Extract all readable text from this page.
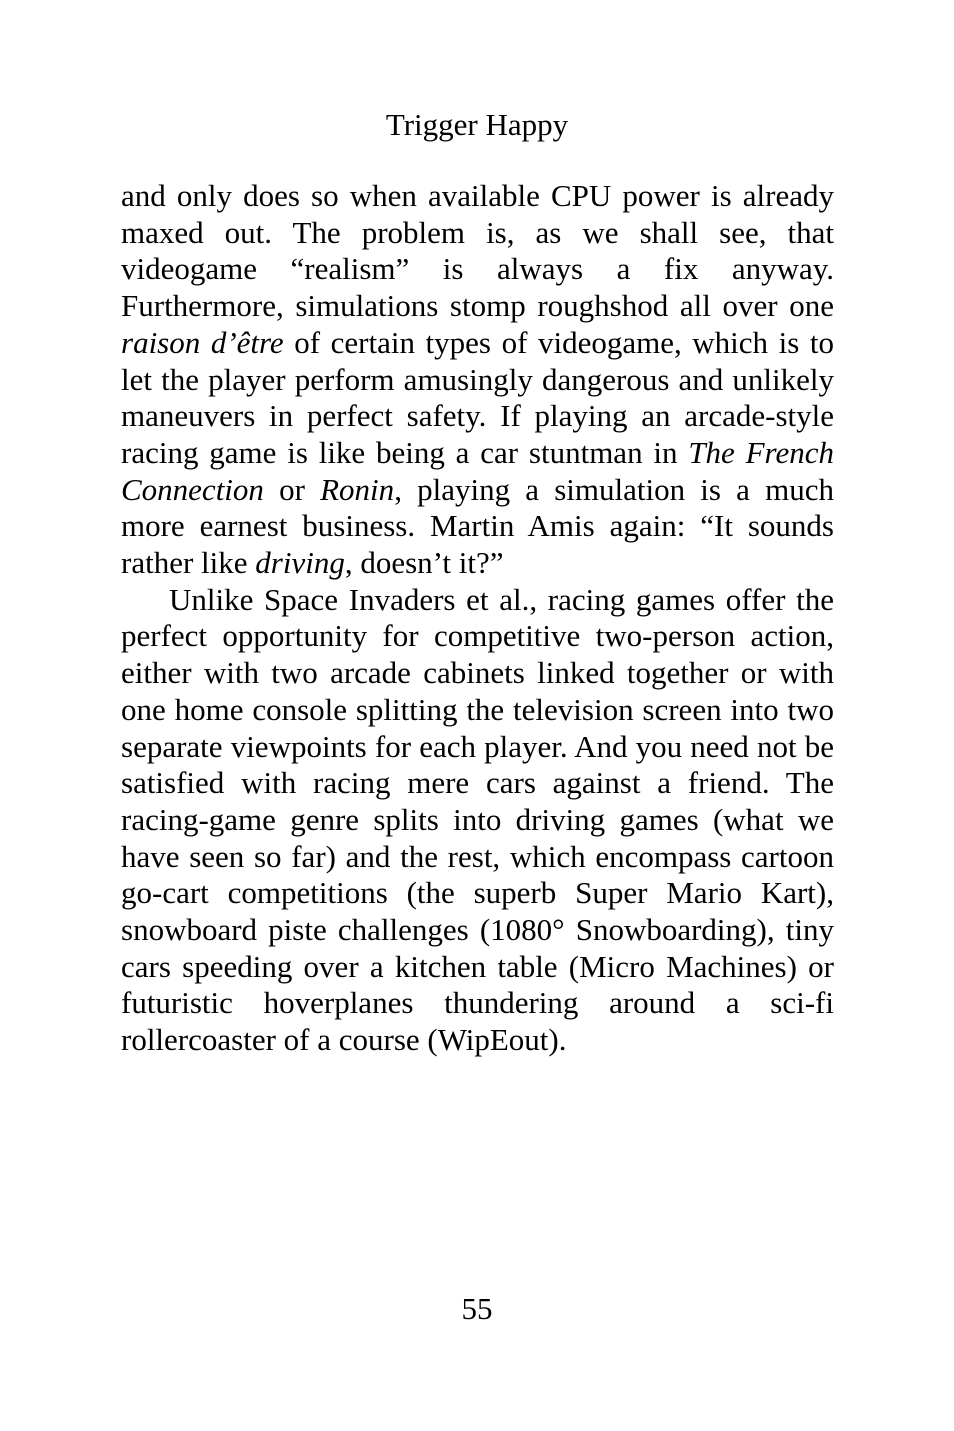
Trigger Happy

and only does so when available CPU power is already maxed out. The problem is, as we shall see, that videogame “realism” is always a fix anyway. Furthermore, simulations stomp roughshod all over one raison d’être of certain types of videogame, which is to let the player perform amusingly dangerous and unlikely maneuvers in perfect safety. If playing an arcade-style racing game is like being a car stuntman in The French Connection or Ronin, playing a simulation is a much more earnest business. Martin Amis again: “It sounds rather like driving, doesn’t it?”

Unlike Space Invaders et al., racing games offer the perfect opportunity for competitive two-person action, either with two arcade cabinets linked together or with one home console splitting the television screen into two separate viewpoints for each player. And you need not be satisfied with racing mere cars against a friend. The racing-game genre splits into driving games (what we have seen so far) and the rest, which encompass cartoon go-cart competitions (the superb Super Mario Kart), snowboard piste challenges (1080° Snowboarding), tiny cars speeding over a kitchen table (Micro Machines) or futuristic hoverplanes thundering around a sci-fi rollercoaster of a course (WipEout).

55
